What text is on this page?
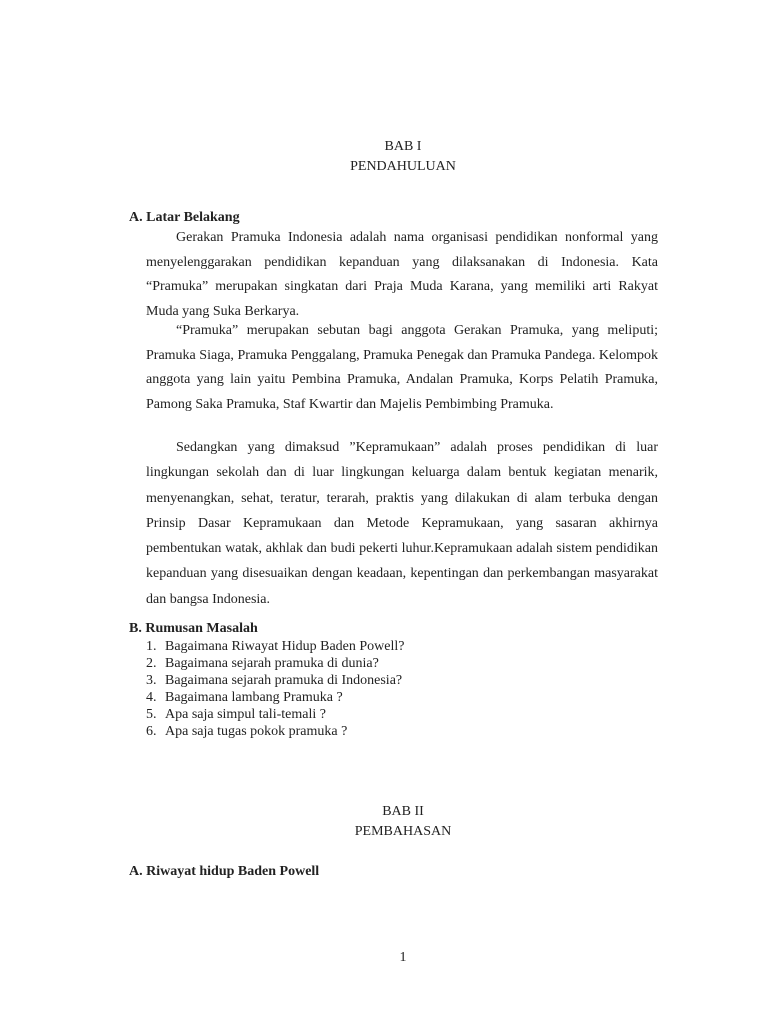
BAB I
PENDAHULUAN
A. Latar Belakang

Gerakan Pramuka Indonesia adalah nama organisasi pendidikan nonformal yang menyelenggarakan pendidikan kepanduan yang dilaksanakan di Indonesia. Kata “Pramuka” merupakan singkatan dari Praja Muda Karana, yang memiliki arti Rakyat Muda yang Suka Berkarya.

“Pramuka” merupakan sebutan bagi anggota Gerakan Pramuka, yang meliputi; Pramuka Siaga, Pramuka Penggalang, Pramuka Penegak dan Pramuka Pandega. Kelompok anggota yang lain yaitu Pembina Pramuka, Andalan Pramuka, Korps Pelatih Pramuka, Pamong Saka Pramuka, Staf Kwartir dan Majelis Pembimbing Pramuka.

Sedangkan yang dimaksud ”Kepramukaan” adalah proses pendidikan di luar lingkungan sekolah dan di luar lingkungan keluarga dalam bentuk kegiatan menarik, menyenangkan, sehat, teratur, terarah, praktis yang dilakukan di alam terbuka dengan Prinsip Dasar Kepramukaan dan Metode Kepramukaan, yang sasaran akhirnya pembentukan watak, akhlak dan budi pekerti luhur.Kepramukaan adalah sistem pendidikan kepanduan yang disesuaikan dengan keadaan, kepentingan dan perkembangan masyarakat dan bangsa Indonesia.

B. Rumusan Masalah
1. Bagaimana Riwayat Hidup Baden Powell?
2. Bagaimana sejarah pramuka di dunia?
3. Bagaimana sejarah pramuka di Indonesia?
4. Bagaimana lambang Pramuka ?
5. Apa saja simpul tali-temali ?
6. Apa saja tugas pokok pramuka ?
BAB II
PEMBAHASAN
A. Riwayat hidup Baden Powell
1
